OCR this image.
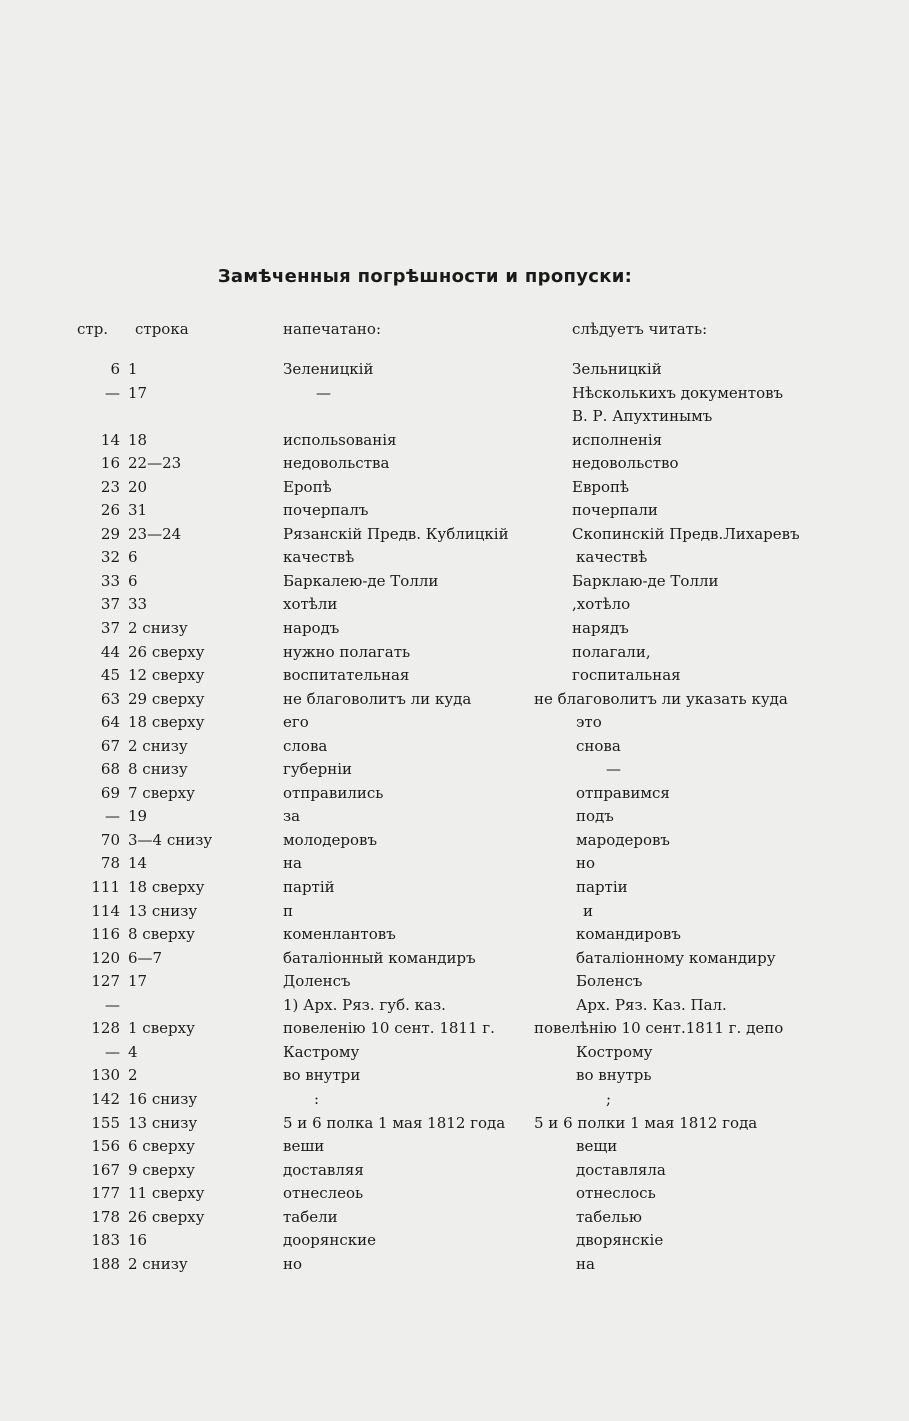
Замѣченныя погрѣшности и пропуски:
стр. строка	напечатано:	слѣдуетъ читать:
6 1	Зеленицкій	Зельницкій
— 17	—	Нѣсколькихъ документовъ
В. Р. Апухтинымъ
14 18	испольsованія	исполненія
16 22—23	недовольства	недовольство
23 20	Еропѣ	Европѣ
26 31	почерпалъ	почерпали
29 23—24	Рязанскій Предв. Кублицкій	Скопинскій Предв.Лихаревъ
32 6	качествѣ	качествѣ
33 6	Баркалею-де Толли	Барклаю-де Толли
37 33	хотѣли	,хотѣло
37 2 снизу	народъ	нарядъ
44 26 сверху	нужно полагать	полагали,
45 12 сверху	воспитательная	госпитальная
63 29 сверху	не благоволитъ ли куда	не благоволитъ ли указать куда
64 18 сверху	его	это
67 2 снизу	слова	снова
68 8 снизу	губерніи	—
69 7 сверху	отправились	отправимся
— 19	за	подъ
70 3—4 снизу	молодеровъ	мародеровъ
78 14	на	но
111 18 сверху	партій	партіи
114 13 снизу	п	и
116 8 сверху	коменлантовъ	командировъ
120 6—7	баталіонный командиръ	баталіонному командиру
127 17	Доленсъ	Боленсъ
—	1) Арх. Ряз. губ. каз.	Арх. Ряз. Каз. Пал.
128 1 сверху	повеленію 10 сент. 1811 г.	повелѣнію 10 сент.1811 г. депо
— 4	Кастрому	Кострому
130 2	во внутри	во внутрь
142 16 снизу	:	;
155 13 снизу	5 и 6 полка 1 мая 1812 года	5 и 6 полки 1 мая 1812 года
156 6 сверху	веши	вещи
167 9 сверху	доставляя	доставляла
177 11 сверху	отнеслеоь	отнеслось
178 26 сверху	табели	табелью
183 16	доорянские	дворянскіе
188 2 снизу	но	на
